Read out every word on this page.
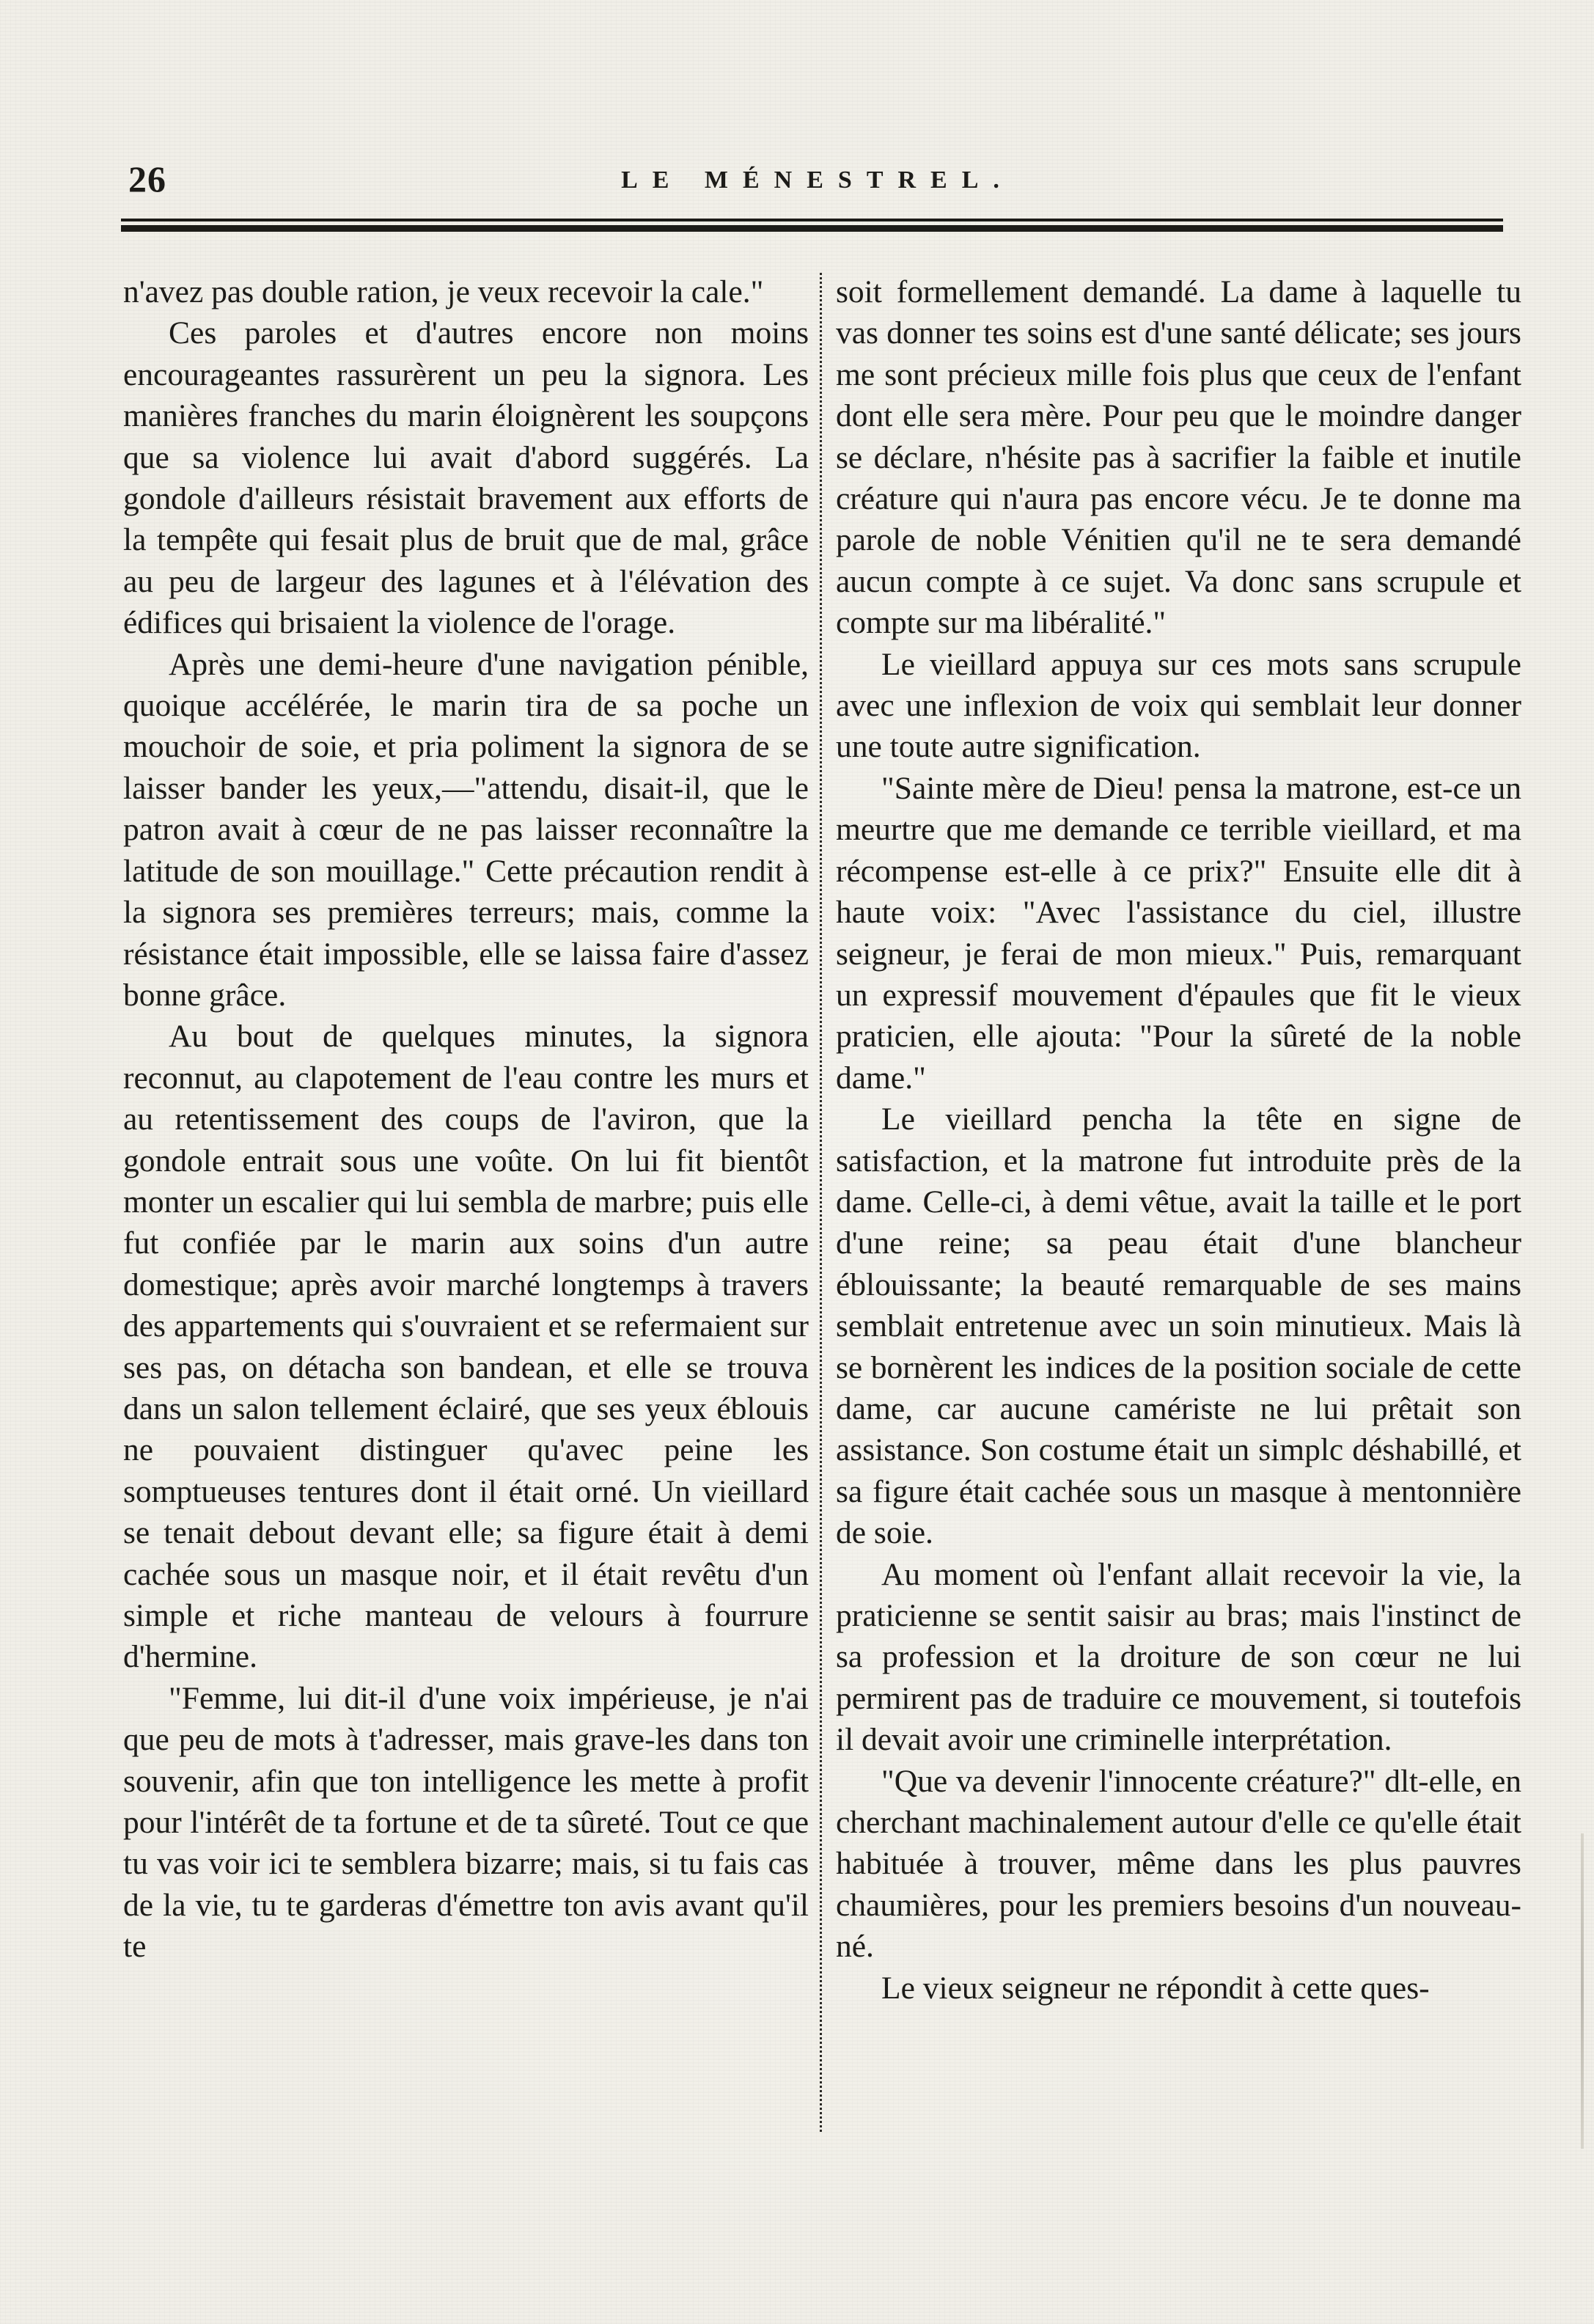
26	LE MÉNESTREL.

n'avez pas double ration, je veux recevoir la cale."

Ces paroles et d'autres encore non moins encourageantes rassurèrent un peu la signora. Les manières franches du marin éloignèrent les soupçons que sa violence lui avait d'abord suggérés. La gondole d'ailleurs résistait bravement aux efforts de la tempête qui fesait plus de bruit que de mal, grâce au peu de largeur des lagunes et à l'élévation des édifices qui brisaient la violence de l'orage.

Après une demi-heure d'une navigation pénible, quoique accélérée, le marin tira de sa poche un mouchoir de soie, et pria poliment la signora de se laisser bander les yeux,—"attendu, disait-il, que le patron avait à cœur de ne pas laisser reconnaître la latitude de son mouillage." Cette précaution rendit à la signora ses premières terreurs; mais, comme la résistance était impossible, elle se laissa faire d'assez bonne grâce.

Au bout de quelques minutes, la signora reconnut, au clapotement de l'eau contre les murs et au retentissement des coups de l'aviron, que la gondole entrait sous une voûte. On lui fit bientôt monter un escalier qui lui sembla de marbre; puis elle fut confiée par le marin aux soins d'un autre domestique; après avoir marché longtemps à travers des appartements qui s'ouvraient et se refermaient sur ses pas, on détacha son bandean, et elle se trouva dans un salon tellement éclairé, que ses yeux éblouis ne pouvaient distinguer qu'avec peine les somptueuses tentures dont il était orné. Un vieillard se tenait debout devant elle; sa figure était à demi cachée sous un masque noir, et il était revêtu d'un simple et riche manteau de velours à fourrure d'hermine.

"Femme, lui dit-il d'une voix impérieuse, je n'ai que peu de mots à t'adresser, mais grave-les dans ton souvenir, afin que ton intelligence les mette à profit pour l'intérêt de ta fortune et de ta sûreté. Tout ce que tu vas voir ici te semblera bizarre; mais, si tu fais cas de la vie, tu te garderas d'émettre ton avis avant qu'il te

soit formellement demandé. La dame à laquelle tu vas donner tes soins est d'une santé délicate; ses jours me sont précieux mille fois plus que ceux de l'enfant dont elle sera mère. Pour peu que le moindre danger se déclare, n'hésite pas à sacrifier la faible et inutile créature qui n'aura pas encore vécu. Je te donne ma parole de noble Vénitien qu'il ne te sera demandé aucun compte à ce sujet. Va donc sans scrupule et compte sur ma libéralité."

Le vieillard appuya sur ces mots sans scrupule avec une inflexion de voix qui semblait leur donner une toute autre signification.

"Sainte mère de Dieu! pensa la matrone, est-ce un meurtre que me demande ce terrible vieillard, et ma récompense est-elle à ce prix?" Ensuite elle dit à haute voix: "Avec l'assistance du ciel, illustre seigneur, je ferai de mon mieux." Puis, remarquant un expressif mouvement d'épaules que fit le vieux praticien, elle ajouta: "Pour la sûreté de la noble dame."

Le vieillard pencha la tête en signe de satisfaction, et la matrone fut introduite près de la dame. Celle-ci, à demi vêtue, avait la taille et le port d'une reine; sa peau était d'une blancheur éblouissante; la beauté remarquable de ses mains semblait entretenue avec un soin minutieux. Mais là se bornèrent les indices de la position sociale de cette dame, car aucune camériste ne lui prêtait son assistance. Son costume était un simplc déshabillé, et sa figure était cachée sous un masque à mentonnière de soie.

Au moment où l'enfant allait recevoir la vie, la praticienne se sentit saisir au bras; mais l'instinct de sa profession et la droiture de son cœur ne lui permirent pas de traduire ce mouvement, si toutefois il devait avoir une criminelle interprétation.

"Que va devenir l'innocente créature?" dlt-elle, en cherchant machinalement autour d'elle ce qu'elle était habituée à trouver, même dans les plus pauvres chaumières, pour les premiers besoins d'un nouveau-né.

Le vieux seigneur ne répondit à cette ques-
